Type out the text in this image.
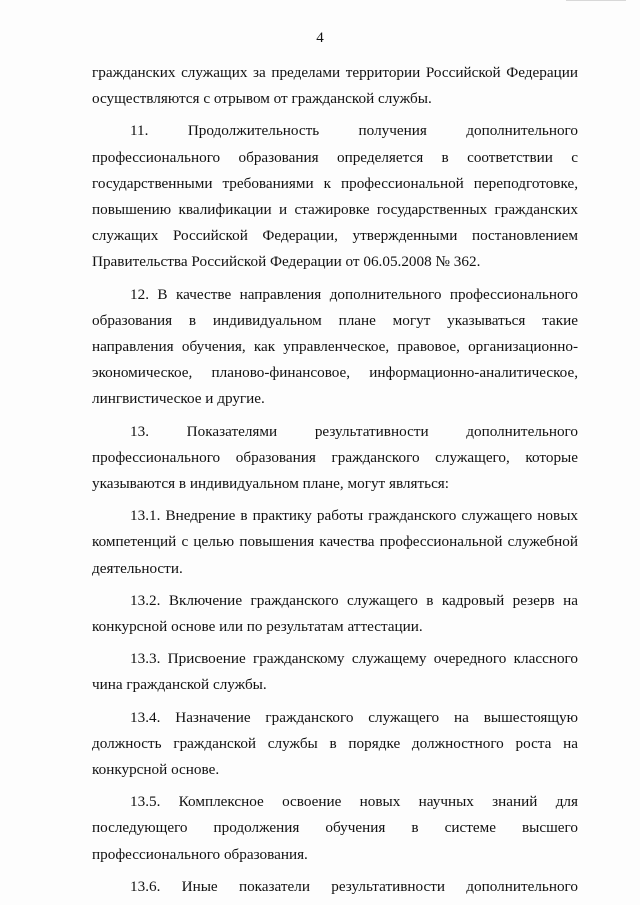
4

гражданских служащих за пределами территории Российской Федерации осуществляются с отрывом от гражданской службы.

11. Продолжительность получения дополнительного профессионального образования определяется в соответствии с государственными требованиями к профессиональной переподготовке, повышению квалификации и стажировке государственных гражданских служащих Российской Федерации, утвержденными постановлением Правительства Российской Федерации от 06.05.2008 № 362.

12. В качестве направления дополнительного профессионального образования в индивидуальном плане могут указываться такие направления обучения, как управленческое, правовое, организационно-экономическое, планово-финансовое, информационно-аналитическое, лингвистическое и другие.

13. Показателями результативности дополнительного профессионального образования гражданского служащего, которые указываются в индивидуальном плане, могут являться:

13.1. Внедрение в практику работы гражданского служащего новых компетенций с целью повышения качества профессиональной служебной деятельности.

13.2. Включение гражданского служащего в кадровый резерв на конкурсной основе или по результатам аттестации.

13.3. Присвоение гражданскому служащему очередного классного чина гражданской службы.

13.4. Назначение гражданского служащего на вышестоящую должность гражданской службы в порядке должностного роста на конкурсной основе.

13.5. Комплексное освоение новых научных знаний для последующего продолжения обучения в системе высшего профессионального образования.

13.6. Иные показатели результативности дополнительного
